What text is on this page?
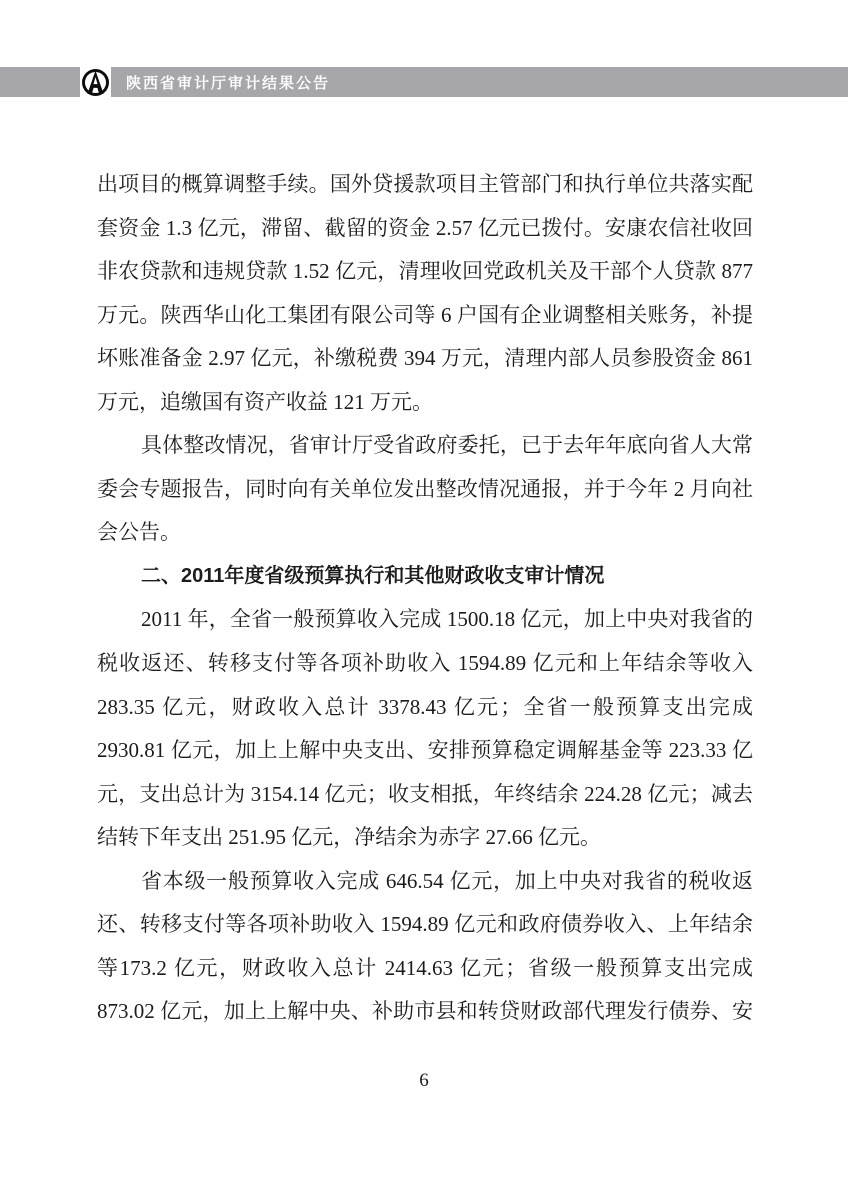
陕西省审计厅审计结果公告
出项目的概算调整手续。国外贷援款项目主管部门和执行单位共落实配
套资金 1.3 亿元，滞留、截留的资金 2.57 亿元已拨付。安康农信社收回
非农贷款和违规贷款 1.52 亿元，清理收回党政机关及干部个人贷款 877
万元。陕西华山化工集团有限公司等 6 户国有企业调整相关账务，补提
坏账准备金 2.97 亿元，补缴税费 394 万元，清理内部人员参股资金 861
万元，追缴国有资产收益 121 万元。
具体整改情况，省审计厅受省政府委托，已于去年年底向省人大常
委会专题报告，同时向有关单位发出整改情况通报，并于今年 2 月向社
会公告。
二、2011年度省级预算执行和其他财政收支审计情况
2011 年，全省一般预算收入完成 1500.18 亿元，加上中央对我省的
税收返还、转移支付等各项补助收入 1594.89 亿元和上年结余等收入
283.35 亿元，财政收入总计 3378.43 亿元；全省一般预算支出完成
2930.81 亿元，加上上解中央支出、安排预算稳定调解基金等 223.33 亿
元，支出总计为 3154.14 亿元；收支相抵，年终结余 224.28 亿元；减去
结转下年支出 251.95 亿元，净结余为赤字 27.66 亿元。
省本级一般预算收入完成 646.54 亿元，加上中央对我省的税收返
还、转移支付等各项补助收入 1594.89 亿元和政府债券收入、上年结余
等173.2 亿元，财政收入总计 2414.63 亿元；省级一般预算支出完成
873.02 亿元，加上上解中央、补助市县和转贷财政部代理发行债券、安
6
